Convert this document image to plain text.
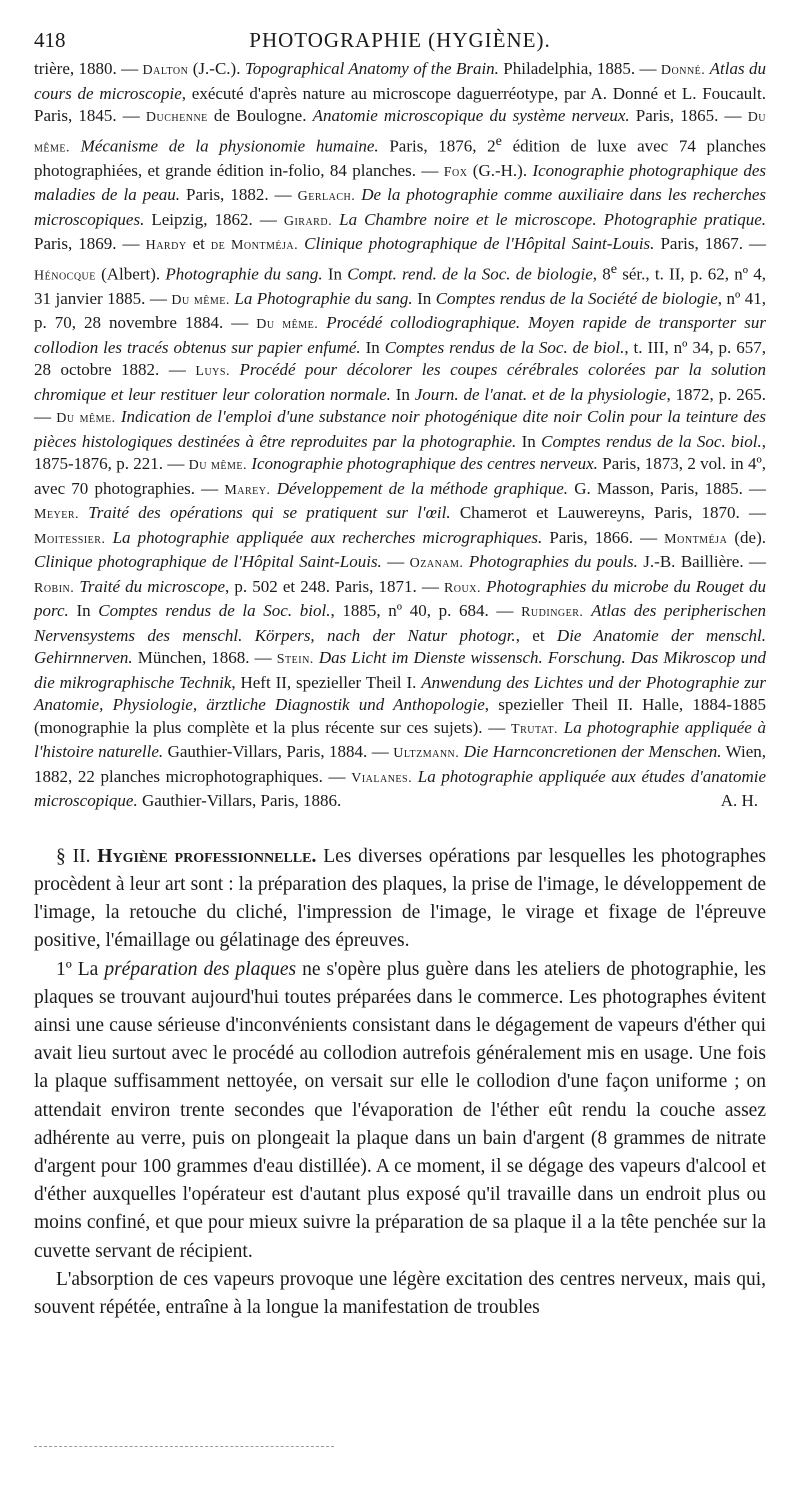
418	PHOTOGRAPHIE (HYGIÈNE).
trière, 1880. — Dalton (J.-C.). Topographical Anatomy of the Brain. Philadelphia, 1885. — Donné. Atlas du cours de microscopie, exécuté d'après nature au microscope daguerréotype, par A. Donné et L. Foucault. Paris, 1845. — Duchenne de Boulogne. Anatomie microscopique du système nerveux. Paris, 1865. — Du même. Mécanisme de la physionomie humaine. Paris, 1876, 2e édition de luxe avec 74 planches photographiées, et grande édition in-folio, 84 planches. — Fox (G.-H.). Iconographie photographique des maladies de la peau. Paris, 1882. — Gerlach. De la photographie comme auxiliaire dans les recherches microscopiques. Leipzig, 1862. — Girard. La Chambre noire et le microscope. Photographie pratique. Paris, 1869. — Hardy et de Montméja. Clinique photographique de l'Hôpital Saint-Louis. Paris, 1867. — Hénocque (Albert). Photographie du sang. In Compt. rend. de la Soc. de biologie, 8e sér., t. II, p. 62, nº 4, 31 janvier 1885. — Du même. La Photographie du sang. In Comptes rendus de la Société de biologie, nº 41, p. 70, 28 novembre 1884. — Du même. Procédé collodiographique. Moyen rapide de transporter sur collodion les tracés obtenus sur papier enfumé. In Comptes rendus de la Soc. de biol., t. III, nº 34, p. 657, 28 octobre 1882. — Luys. Procédé pour décolorer les coupes cérébrales colorées par la solution chromique et leur restituer leur coloration normale. In Journ. de l'anat. et de la physiologie, 1872, p. 265. — Du même. Indication de l'emploi d'une substance noir photogénique dite noir Colin pour la teinture des pièces histologiques destinées à être reproduites par la photographie. In Comptes rendus de la Soc. biol., 1875-1876, p. 221. — Du même. Iconographie photographique des centres nerveux. Paris, 1873, 2 vol. in 4º, avec 70 photographies. — Marey. Développement de la méthode graphique. G. Masson, Paris, 1885. — Meyer. Traité des opérations qui se pratiquent sur l'œil. Chamerot et Lauwereyns, Paris, 1870. — Moitessier. La photographie appliquée aux recherches micrographiques. Paris, 1866. — Montméja (de). Clinique photographique de l'Hôpital Saint-Louis. — Ozanam. Photographies du pouls. J.-B. Baillière. — Robin. Traité du microscope, p. 502 et 248. Paris, 1871. — Roux. Photographies du microbe du Rouget du porc. In Comptes rendus de la Soc. biol., 1885, nº 40, p. 684. — Rudinger. Atlas des peripherischen Nervensystems des menschl. Körpers, nach der Natur photogr., et Die Anatomie der menschl. Gehirnnerven. München, 1868. — Stein. Das Licht im Dienste wissensch. Forschung. Das Mikroscop und die mikrographische Technik, Heft II, spezieller Theil I. Anwendung des Lichtes und der Photographie zur Anatomie, Physiologie, ärztliche Diagnostik und Anthopologie, spezieller Theil II. Halle, 1884-1885 (monographie la plus complète et la plus récente sur ces sujets). — Trutat. La photographie appliquée à l'histoire naturelle. Gauthier-Villars, Paris, 1884. — Ultzmann. Die Harnconcretionen der Menschen. Wien, 1882, 22 planches microphotographiques. — Vialanes. La photographie appliquée aux études d'anatomie microscopique. Gauthier-Villars, Paris, 1886.	A. H.

§ II. Hygiène professionnelle. Les diverses opérations par lesquelles les photographes procèdent à leur art sont : la préparation des plaques, la prise de l'image, le développement de l'image, la retouche du cliché, l'impression de l'image, le virage et fixage de l'épreuve positive, l'émaillage ou gélatinage des épreuves.

1º La préparation des plaques ne s'opère plus guère dans les ateliers de photographie, les plaques se trouvant aujourd'hui toutes préparées dans le commerce. Les photographes évitent ainsi une cause sérieuse d'inconvénients consistant dans le dégagement de vapeurs d'éther qui avait lieu surtout avec le procédé au collodion autrefois généralement mis en usage. Une fois la plaque suffisamment nettoyée, on versait sur elle le collodion d'une façon uniforme ; on attendait environ trente secondes que l'évaporation de l'éther eût rendu la couche assez adhérente au verre, puis on plongeait la plaque dans un bain d'argent (8 grammes de nitrate d'argent pour 100 grammes d'eau distillée). A ce moment, il se dégage des vapeurs d'alcool et d'éther auxquelles l'opérateur est d'autant plus exposé qu'il travaille dans un endroit plus ou moins confiné, et que pour mieux suivre la préparation de sa plaque il a la tête penchée sur la cuvette servant de récipient.

L'absorption de ces vapeurs provoque une légère excitation des centres nerveux, mais qui, souvent répétée, entraîne à la longue la manifestation de troubles
